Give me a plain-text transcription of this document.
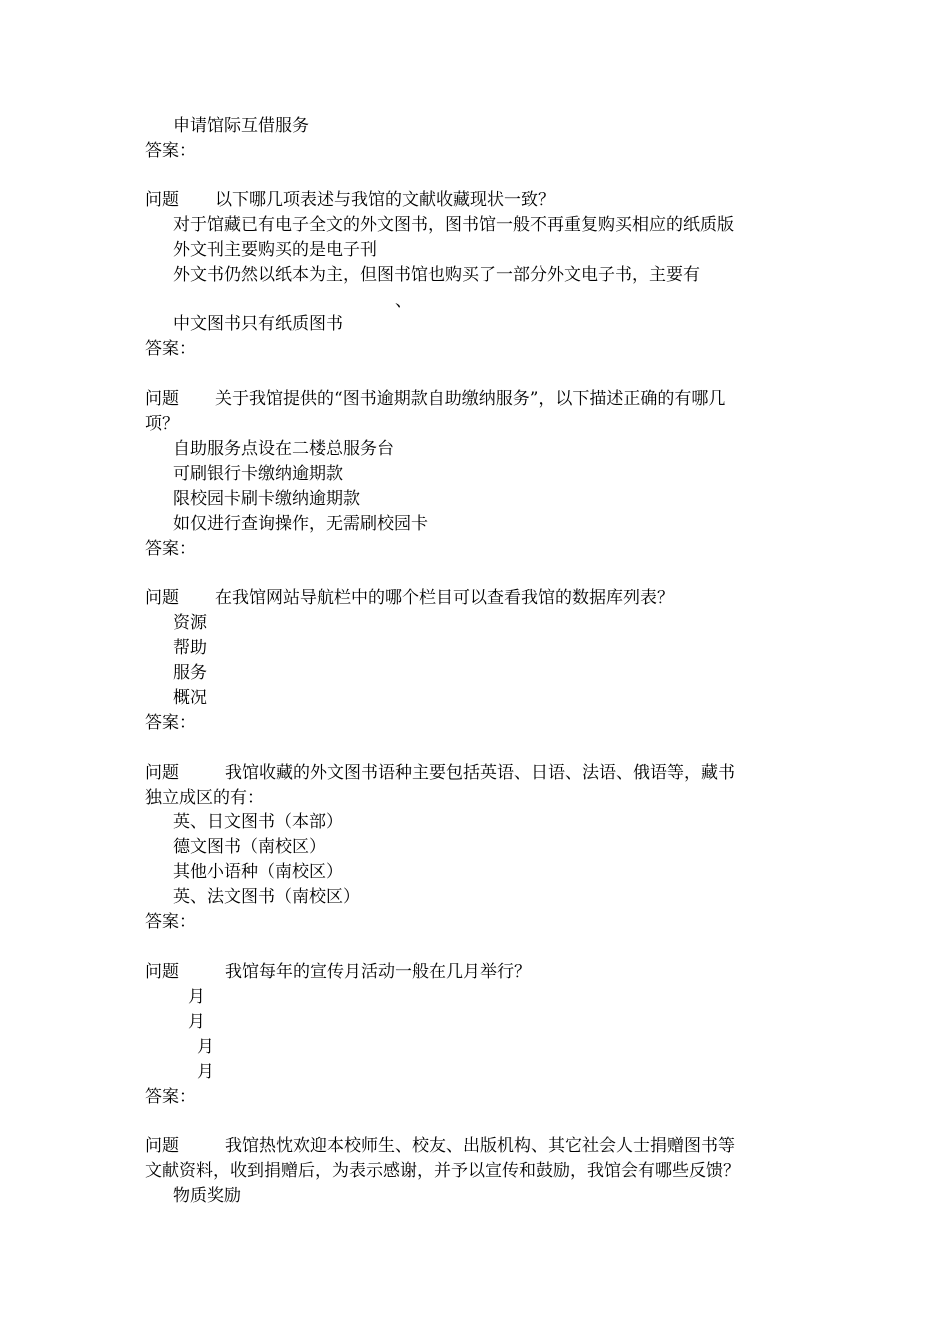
申请馆际互借服务
答案：
问题 以下哪几项表述与我馆的文献收藏现状一致？
对于馆藏已有电子全文的外文图书，图书馆一般不再重复购买相应的纸质版
外文刊主要购买的是电子刊
外文书仍然以纸本为主，但图书馆也购买了一部分外文电子书，主要有
、
中文图书只有纸质图书
答案：
问题 关于我馆提供的“图书逾期款自助缴纳服务”，以下描述正确的有哪几
项？
自助服务点设在二楼总服务台
可刷银行卡缴纳逾期款
限校园卡刷卡缴纳逾期款
如仅进行查询操作，无需刷校园卡
答案：
问题 在我馆网站导航栏中的哪个栏目可以查看我馆的数据库列表？
资源
帮助
服务
概况
答案：
问题	我馆收藏的外文图书语种主要包括英语、日语、法语、俄语等，藏书
独立成区的有：
英、日文图书（本部）
德文图书（南校区）
其他小语种（南校区）
英、法文图书（南校区）
答案：
问题	我馆每年的宣传月活动一般在几月举行？
月
月
月
月
答案：
问题	我馆热忱欢迎本校师生、校友、出版机构、其它社会人士捐赠图书等
文献资料，收到捐赠后，为表示感谢，并予以宣传和鼓励，我馆会有哪些反馈？
物质奖励
